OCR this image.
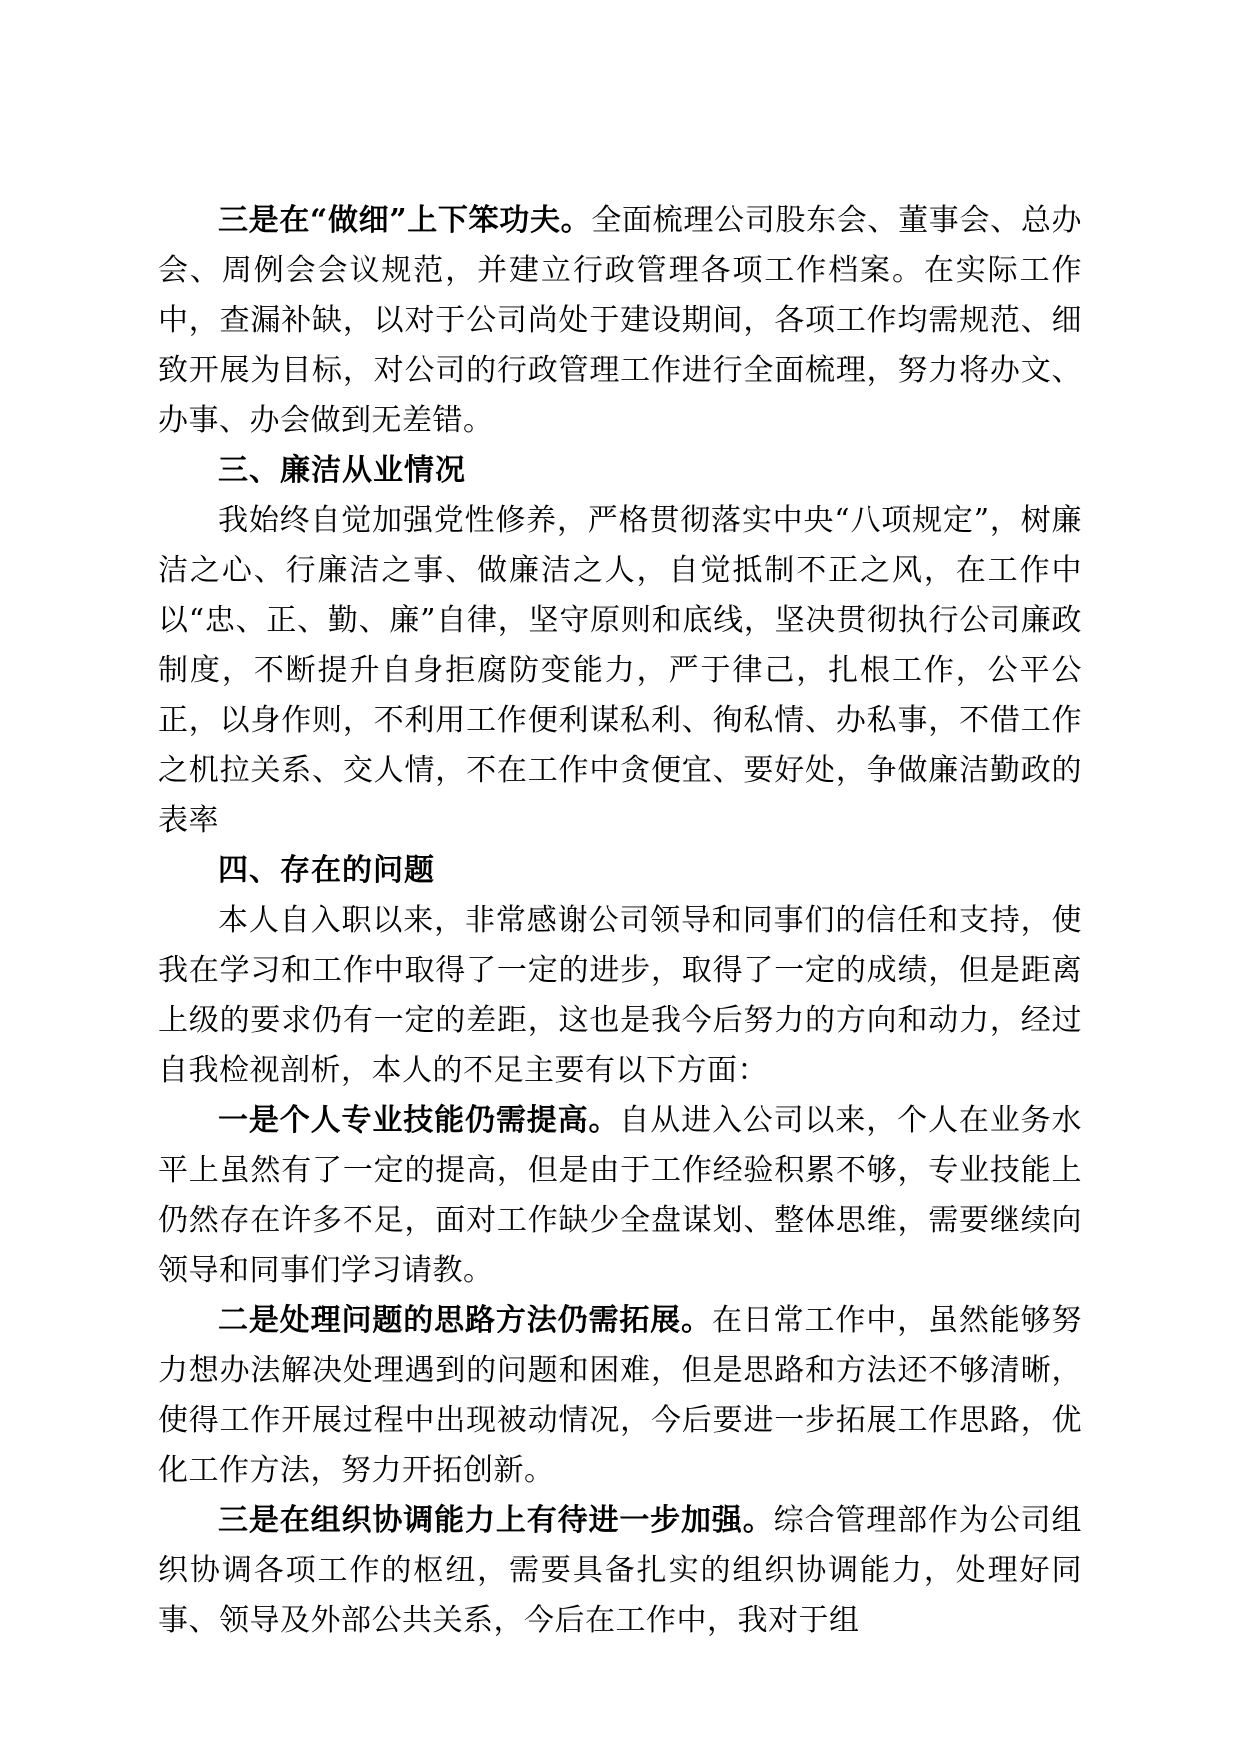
三是在“做细”上下笨功夫。全面梳理公司股东会、董事会、总办会、周例会会议规范，并建立行政管理各项工作档案。在实际工作中，查漏补缺，以对于公司尚处于建设期间，各项工作均需规范、细致开展为目标，对公司的行政管理工作进行全面梳理，努力将办文、办事、办会做到无差错。

三、廉洁从业情况

我始终自觉加强党性修养，严格贯彻落实中央“八项规定”，树廉洁之心、行廉洁之事、做廉洁之人，自觉抵制不正之风，在工作中以“忠、正、勤、廉”自律，坚守原则和底线，坚决贯彻执行公司廉政制度，不断提升自身拒腐防变能力，严于律己，扎根工作，公平公正，以身作则，不利用工作便利谋私利、徇私情、办私事，不借工作之机拉关系、交人情，不在工作中贪便宜、要好处，争做廉洁勤政的表率

四、存在的问题

本人自入职以来，非常感谢公司领导和同事们的信任和支持，使我在学习和工作中取得了一定的进步，取得了一定的成绩，但是距离上级的要求仍有一定的差距，这也是我今后努力的方向和动力，经过自我检视剖析，本人的不足主要有以下方面：

一是个人专业技能仍需提高。自从进入公司以来，个人在业务水平上虽然有了一定的提高，但是由于工作经验积累不够，专业技能上仍然存在许多不足，面对工作缺少全盘谋划、整体思维，需要继续向领导和同事们学习请教。

二是处理问题的思路方法仍需拓展。在日常工作中，虽然能够努力想办法解决处理遇到的问题和困难，但是思路和方法还不够清晰，使得工作开展过程中出现被动情况，今后要进一步拓展工作思路，优化工作方法，努力开拓创新。

三是在组织协调能力上有待进一步加强。综合管理部作为公司组织协调各项工作的枢纽，需要具备扎实的组织协调能力，处理好同事、领导及外部公共关系，今后在工作中，我对于组
